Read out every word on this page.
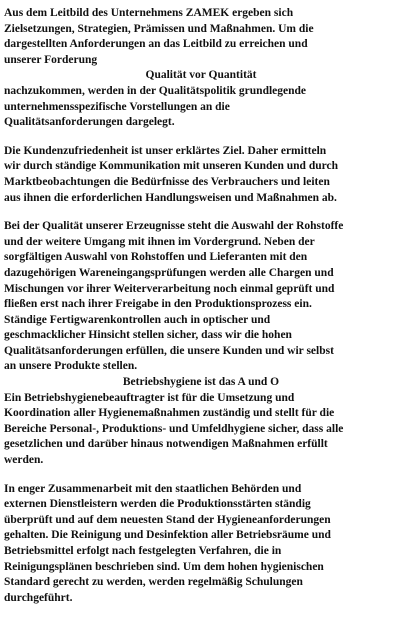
Aus dem Leitbild des Unternehmens ZAMEK ergeben sich
Zielsetzungen, Strategien, Prämissen und Maßnahmen. Um die
dargestellten Anforderungen an das Leitbild zu erreichen und
unserer Forderung

Qualität vor Quantität

nachzukommen, werden in der Qualitätspolitik grundlegende
unternehmensspezifische Vorstellungen an die
Qualitätsanforderungen dargelegt.

Die Kundenzufriedenheit ist unser erklärtes Ziel. Daher ermitteln
wir durch ständige Kommunikation mit unseren Kunden und durch
Marktbeobachtungen die Bedürfnisse des Verbrauchers und leiten
aus ihnen die erforderlichen Handlungsweisen und Maßnahmen ab.

Bei der Qualität unserer Erzeugnisse steht die Auswahl der Rohstoffe
und der weitere Umgang mit ihnen im Vordergrund. Neben der
sorgfältigen Auswahl von Rohstoffen und Lieferanten mit den
dazugehörigen Wareneingangsprüfungen werden alle Chargen und
Mischungen vor ihrer Weiterverarbeitung noch einmal geprüft und
fließen erst nach ihrer Freigabe in den Produktionsprozess ein.
Ständige Fertigwarenkontrollen auch in optischer und
geschmacklicher Hinsicht stellen sicher, dass wir die hohen
Qualitätsanforderungen erfüllen, die unsere Kunden und wir selbst
an unsere Produkte stellen.

Betriebshygiene ist das A und O

Ein Betriebshygienebeauftragter ist für die Umsetzung und
Koordination aller Hygienemaßnahmen zuständig und stellt für die
Bereiche Personal-, Produktions- und Umfeldhygiene sicher, dass alle
gesetzlichen und darüber hinaus notwendigen Maßnahmen erfüllt
werden.

In enger Zusammenarbeit mit den staatlichen Behörden und
externen Dienstleistern werden die Produktionsstärten ständig
überprüft und auf dem neuesten Stand der Hygieneanforderungen
gehalten. Die Reinigung und Desinfektion aller Betriebsräume und
Betriebsmittel erfolgt nach festgelegten Verfahren, die in
Reinigungsplänen beschrieben sind. Um dem hohen hygienischen
Standard gerecht zu werden, werden regelmäßig Schulungen
durchgeführt.
